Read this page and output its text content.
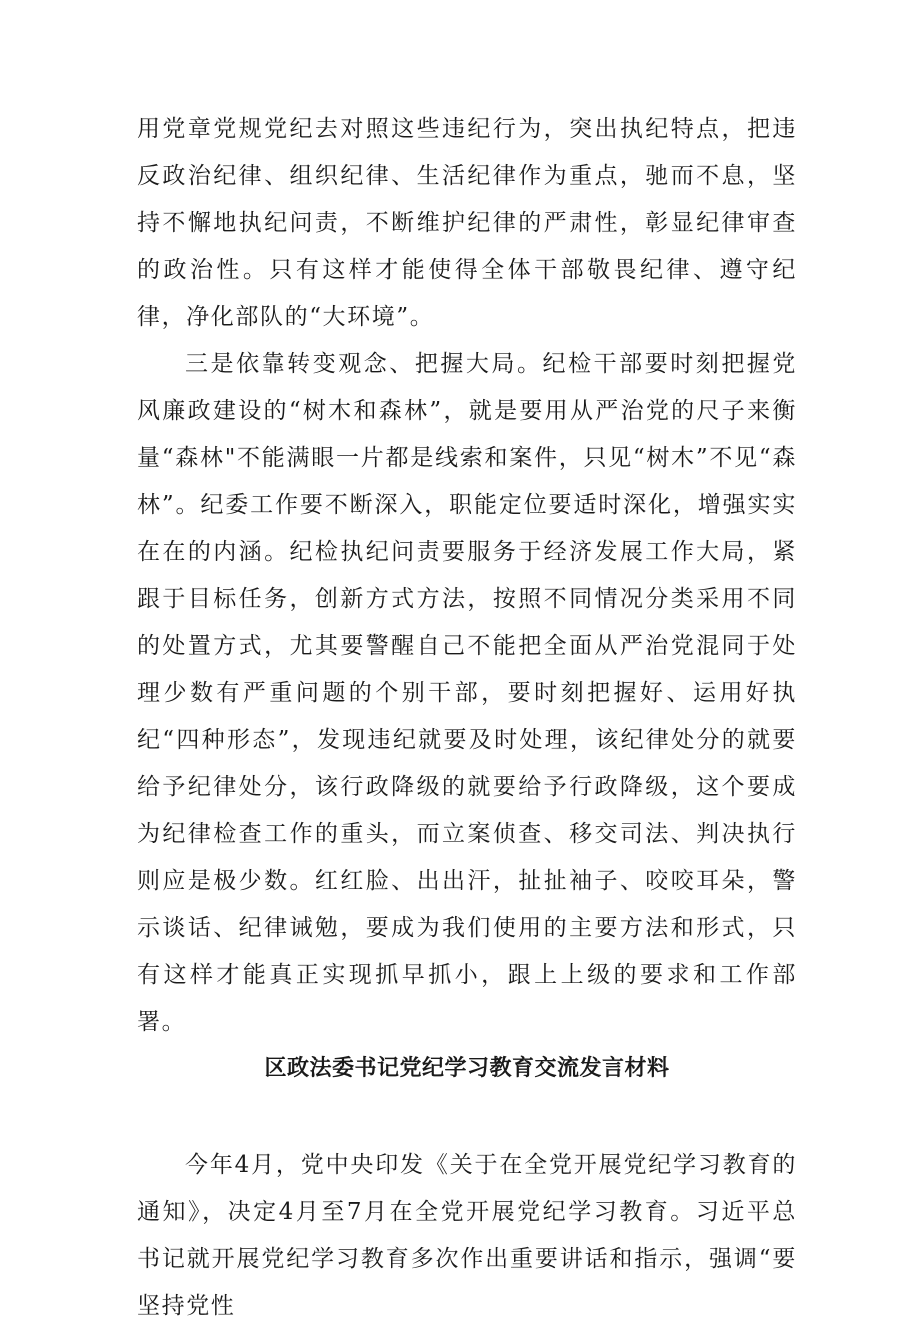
用党章党规党纪去对照这些违纪行为，突出执纪特点，把违反政治纪律、组织纪律、生活纪律作为重点，驰而不息，坚持不懈地执纪问责，不断维护纪律的严肃性，彰显纪律审查的政治性。只有这样才能使得全体干部敬畏纪律、遵守纪律，净化部队的“大环境”。

三是依靠转变观念、把握大局。纪检干部要时刻把握党风廉政建设的“树木和森林”，就是要用从严治党的尺子来衡量“森林"不能满眼一片都是线索和案件，只见“树木”不见“森林”。纪委工作要不断深入，职能定位要适时深化，增强实实在在的内涵。纪检执纪问责要服务于经济发展工作大局，紧跟于目标任务，创新方式方法，按照不同情况分类采用不同的处置方式，尤其要警醒自己不能把全面从严治党混同于处理少数有严重问题的个别干部，要时刻把握好、运用好执纪“四种形态”，发现违纪就要及时处理，该纪律处分的就要给予纪律处分，该行政降级的就要给予行政降级，这个要成为纪律检查工作的重头，而立案侦查、移交司法、判决执行则应是极少数。红红脸、出出汗，扯扯袖子、咬咬耳朵，警示谈话、纪律诫勉，要成为我们使用的主要方法和形式，只有这样才能真正实现抓早抓小，跟上上级的要求和工作部署。

区政法委书记党纪学习教育交流发言材料

今年4月，党中央印发《关于在全党开展党纪学习教育的通知》，决定4月至7月在全党开展党纪学习教育。习近平总书记就开展党纪学习教育多次作出重要讲话和指示，强调“要坚持党性
